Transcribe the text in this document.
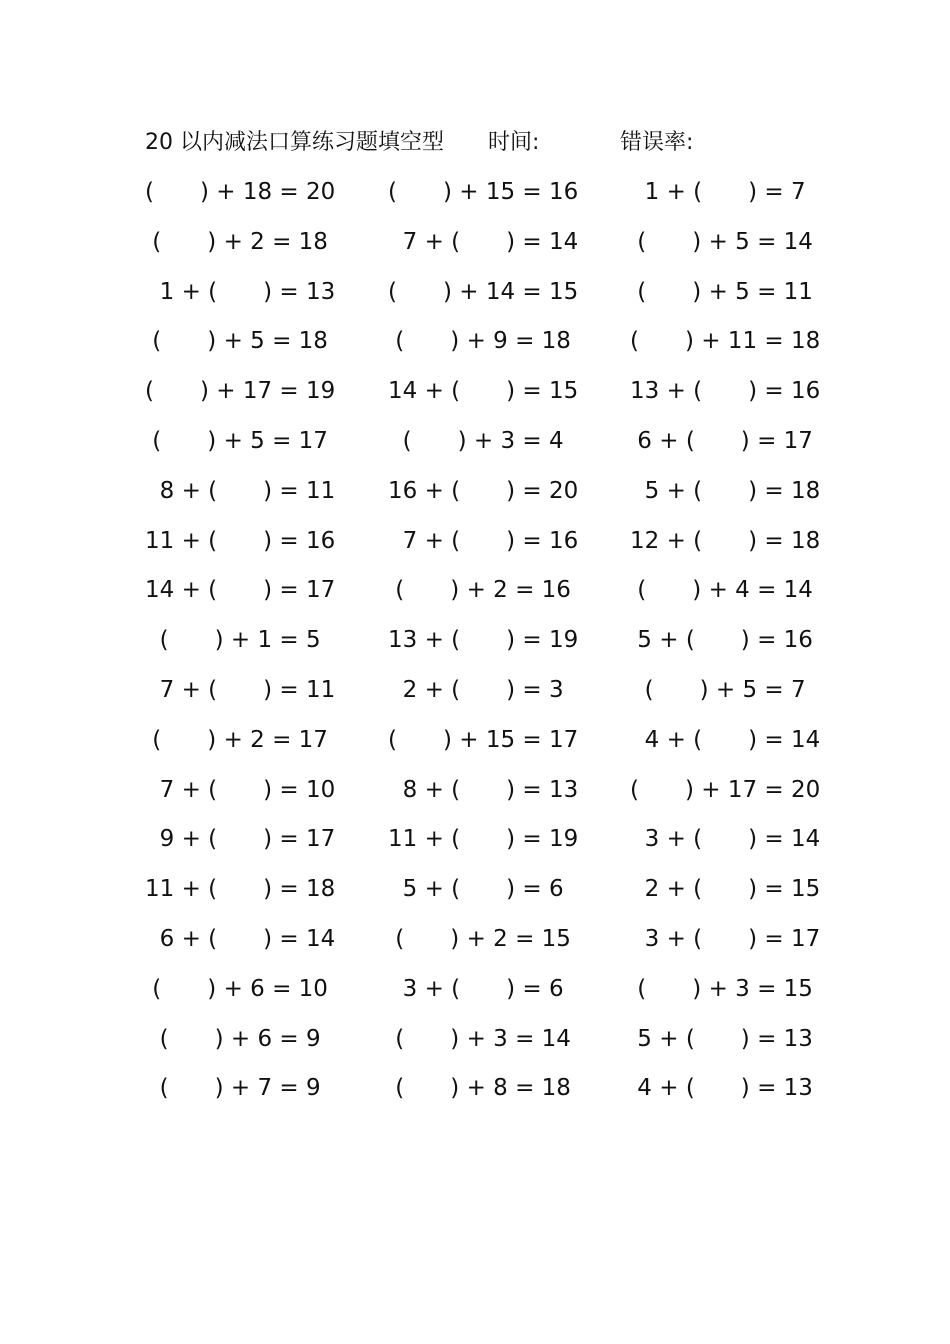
20 以内减法口算练习题填空型 时间:	错误率:
(  ) + 18 = 20 (  ) + 15 = 16 1 + (  ) = 7
(  ) + 2 = 18	7 + (  ) = 14 (  ) + 5 = 14
1 + (  ) = 13 (  ) + 14 = 15 (  ) + 5 = 11
(  ) + 5 = 18	(  ) + 9 = 18	(  ) + 11 = 18
(  ) + 17 = 19 14 + (  ) = 15 13 + (  ) = 16
(  ) + 5 = 17	(  ) + 3 = 4	6 + (  ) = 17
8 + (  ) = 11 16 + (  ) = 20 5 + (  ) = 18
11 + (  ) = 16 7 + (  ) = 16 12 + (  ) = 18
14 + (  ) = 17 (  ) + 2 = 16	(  ) + 4 = 14
(  ) + 1 = 5	13 + (  ) = 19 5 + (  ) = 16
7 + (  ) = 11 2 + (  ) = 3	(  ) + 5 = 7
(  ) + 2 = 17	(  ) + 15 = 17 4 + (  ) = 14
7 + (  ) = 10 8 + (  ) = 13 (  ) + 17 = 20
9 + (  ) = 17 11 + (  ) = 19 3 + (  ) = 14
11 + (  ) = 18 5 + (  ) = 6	2 + (  ) = 15
6 + (  ) = 14 (  ) + 2 = 15	3 + (  ) = 17
(  ) + 6 = 10	3 + (  ) = 6	(  ) + 3 = 15
(  ) + 6 = 9	(  ) + 3 = 14	5 + (  ) = 13
(  ) + 7 = 9	(  ) + 8 = 18	4 + (  ) = 13
